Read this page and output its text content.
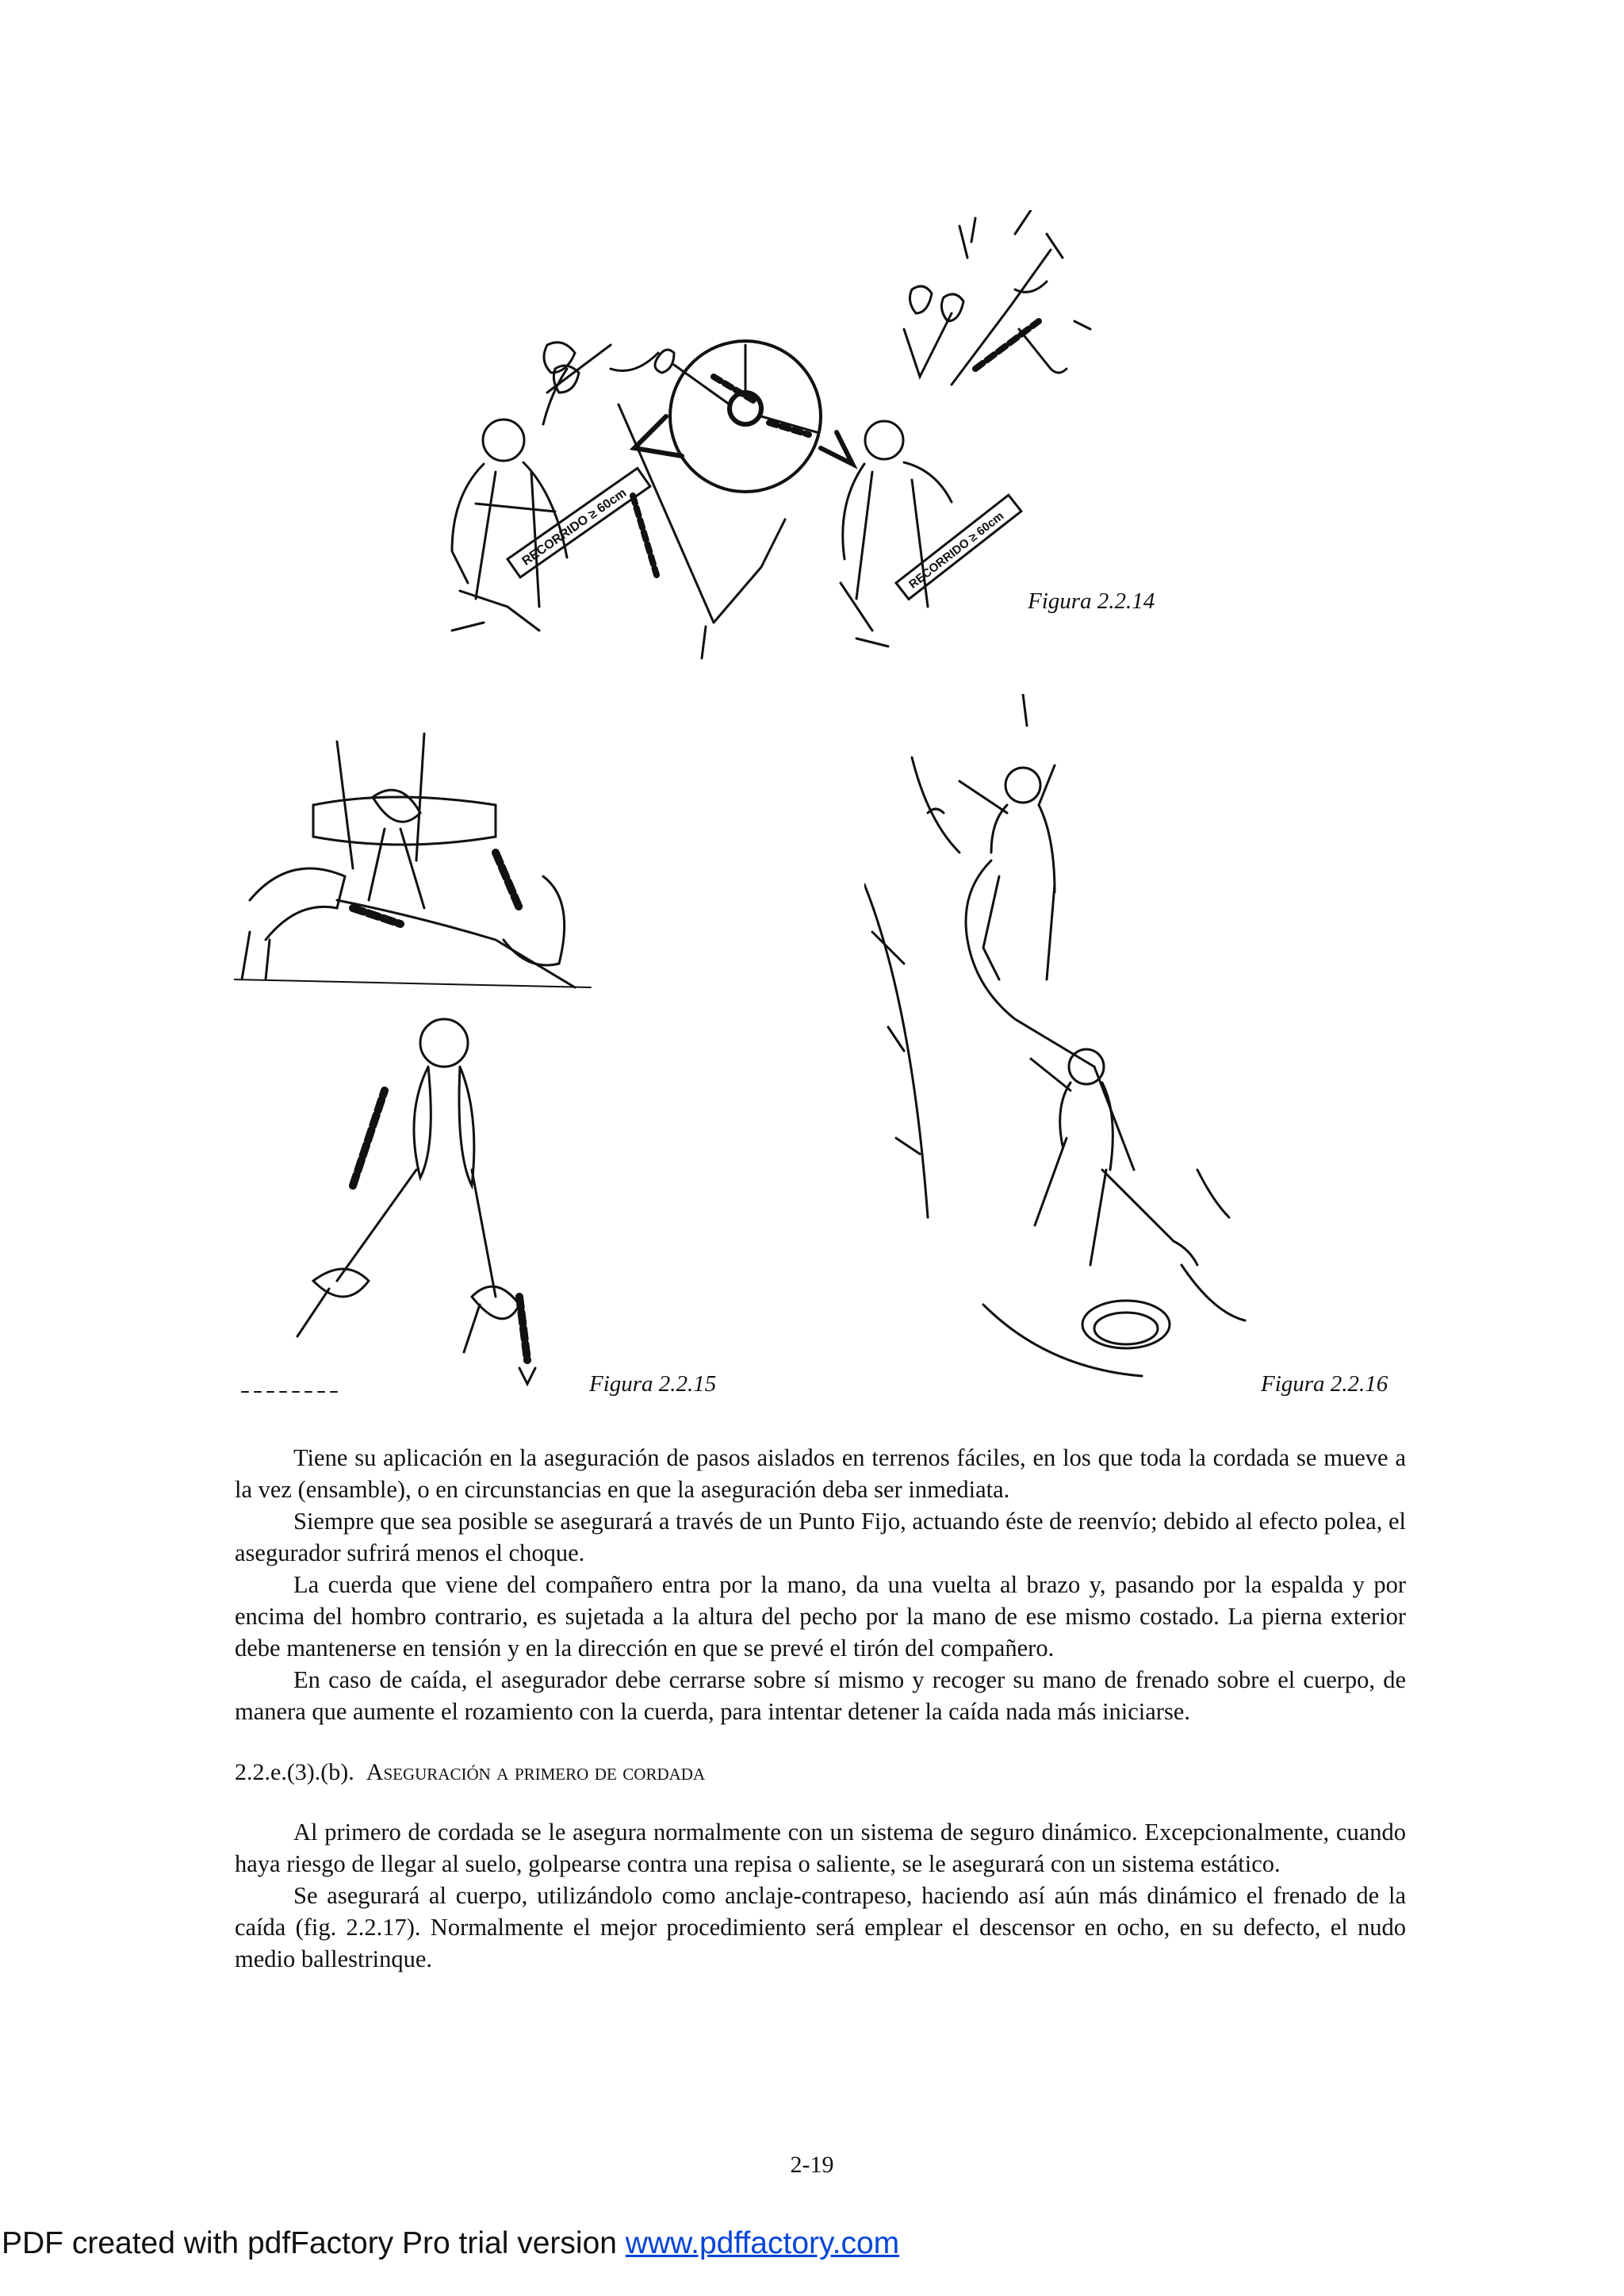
RECORRIDO ≥ 60cm	RECORRIDO ≥ 60cm
Figura 2.2.14
Figura 2.2.15	Figura 2.2.16

Tiene su aplicación en la aseguración de pasos aislados en terrenos fáciles, en los que toda la cordada se mueve a la vez (ensamble), o en circunstancias en que la aseguración deba ser inmediata.

Siempre que sea posible se asegurará a través de un Punto Fijo, actuando éste de reenvío; debido al efecto polea, el asegurador sufrirá menos el choque.

La cuerda que viene del compañero entra por la mano, da una vuelta al brazo y, pasando por la espalda y por encima del hombro contrario, es sujetada a la altura del pecho por la mano de ese mismo costado. La pierna exterior debe mantenerse en tensión y en la dirección en que se prevé el tirón del compañero.

En caso de caída, el asegurador debe cerrarse sobre sí mismo y recoger su mano de frenado sobre el cuerpo, de manera que aumente el rozamiento con la cuerda, para intentar detener la caída nada más iniciarse.

2.2.e.(3).(b). Aseguración a primero de cordada

Al primero de cordada se le asegura normalmente con un sistema de seguro dinámico. Excepcionalmente, cuando haya riesgo de llegar al suelo, golpearse contra una repisa o saliente, se le asegurará con un sistema estático.

Se asegurará al cuerpo, utilizándolo como anclaje-contrapeso, haciendo así aún más dinámico el frenado de la caída (fig. 2.2.17). Normalmente el mejor procedimiento será emplear el descensor en ocho, en su defecto, el nudo medio ballestrinque.

2-19
PDF created with pdfFactory Pro trial version www.pdffactory.com
